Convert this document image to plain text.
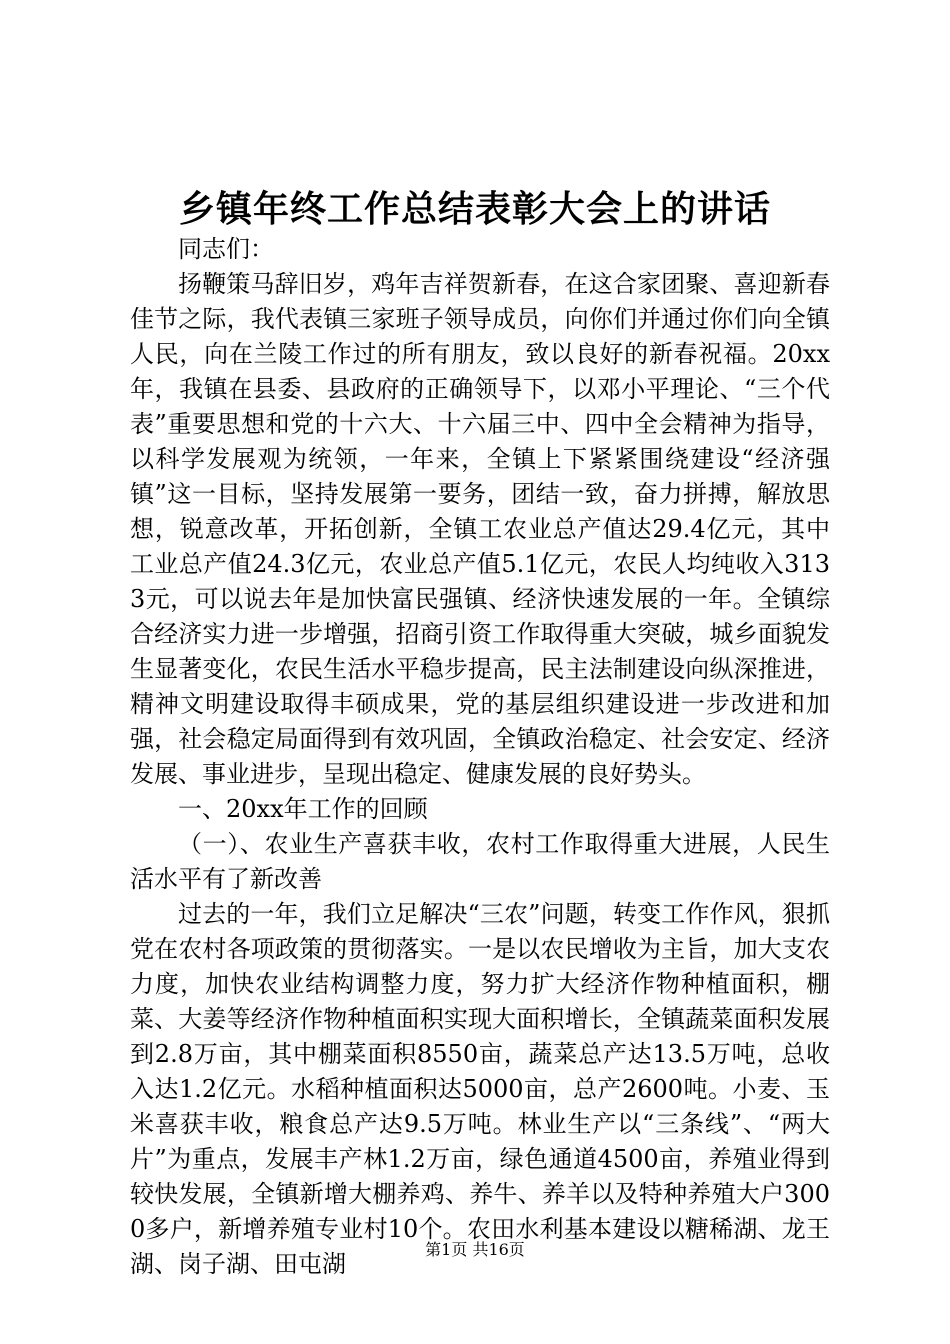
乡镇年终工作总结表彰大会上的讲话

同志们：

扬鞭策马辞旧岁，鸡年吉祥贺新春，在这合家团聚、喜迎新春佳节之际，我代表镇三家班子领导成员，向你们并通过你们向全镇人民，向在兰陵工作过的所有朋友，致以良好的新春祝福。20xx年，我镇在县委、县政府的正确领导下，以邓小平理论、“三个代表”重要思想和党的十六大、十六届三中、四中全会精神为指导，以科学发展观为统领，一年来，全镇上下紧紧围绕建设“经济强镇”这一目标，坚持发展第一要务，团结一致，奋力拼搏，解放思想，锐意改革，开拓创新，全镇工农业总产值达29.4亿元，其中工业总产值24.3亿元，农业总产值5.1亿元，农民人均纯收入3133元，可以说去年是加快富民强镇、经济快速发展的一年。全镇综合经济实力进一步增强，招商引资工作取得重大突破，城乡面貌发生显著变化，农民生活水平稳步提高，民主法制建设向纵深推进，精神文明建设取得丰硕成果，党的基层组织建设进一步改进和加强，社会稳定局面得到有效巩固，全镇政治稳定、社会安定、经济发展、事业进步，呈现出稳定、健康发展的良好势头。

一、20xx年工作的回顾

（一）、农业生产喜获丰收，农村工作取得重大进展，人民生活水平有了新改善

过去的一年，我们立足解决“三农”问题，转变工作作风，狠抓党在农村各项政策的贯彻落实。一是以农民增收为主旨，加大支农力度，加快农业结构调整力度，努力扩大经济作物种植面积，棚菜、大姜等经济作物种植面积实现大面积增长，全镇蔬菜面积发展到2.8万亩，其中棚菜面积8550亩，蔬菜总产达13.5万吨，总收入达1.2亿元。水稻种植面积达5000亩，总产2600吨。小麦、玉米喜获丰收，粮食总产达9.5万吨。林业生产以“三条线”、“两大片”为重点，发展丰产林1.2万亩，绿色通道4500亩，养殖业得到较快发展，全镇新增大棚养鸡、养牛、养羊以及特种养殖大户3000多户，新增养殖专业村10个。农田水利基本建设以糖稀湖、龙王湖、岗子湖、田屯湖

第1页 共16页
